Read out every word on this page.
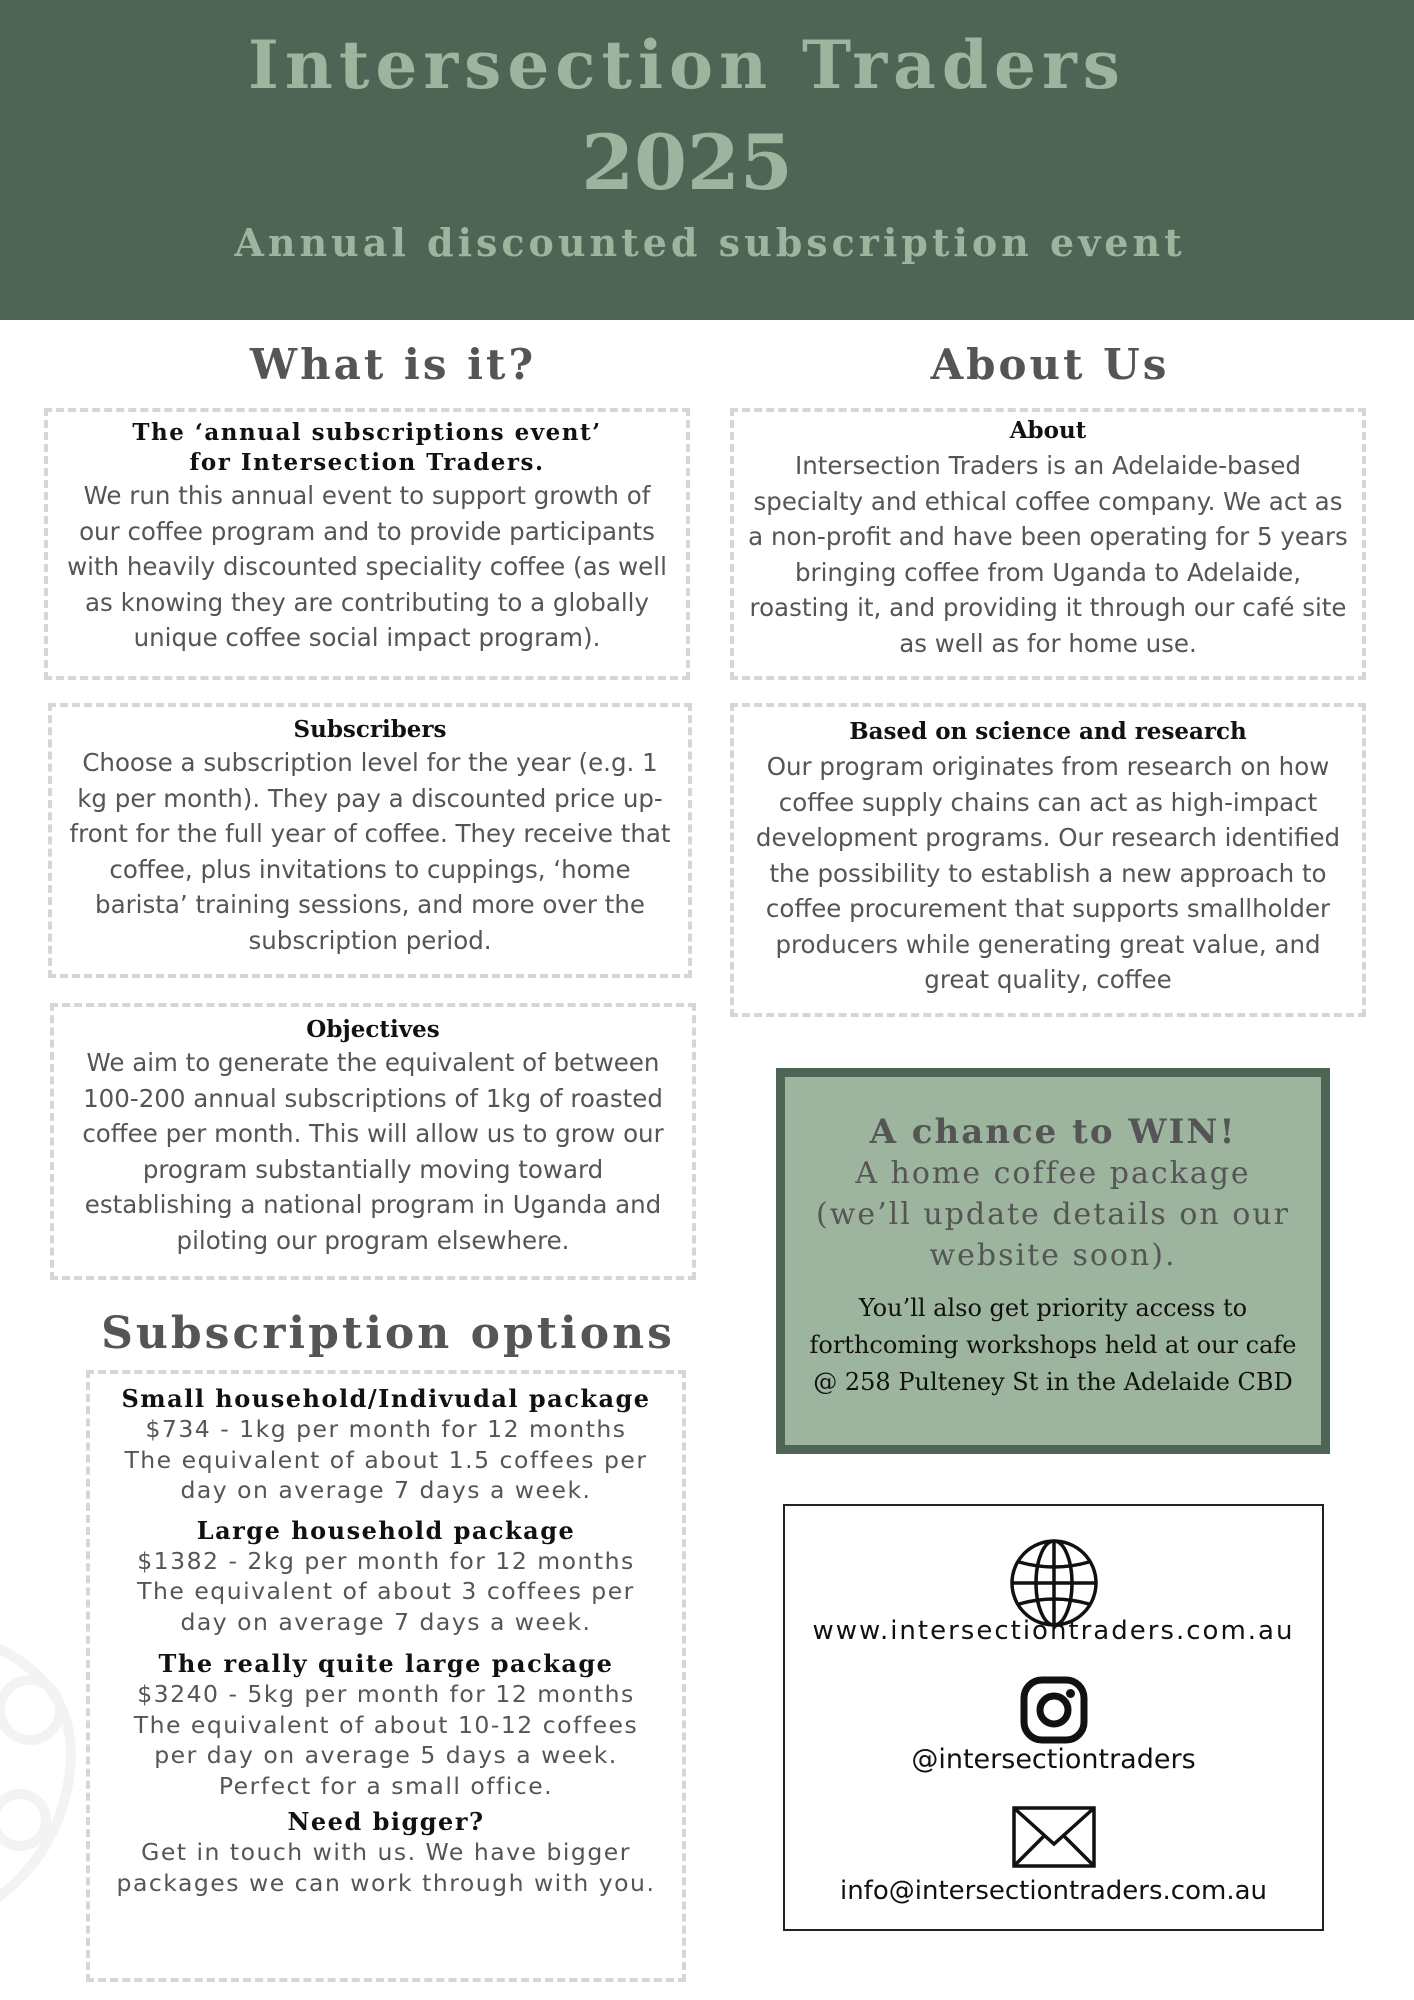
Intersection Traders
2025
Annual discounted subscription event
What is it?
The ‘annual subscriptions event’ for Intersection Traders.
We run this annual event to support growth of our coffee program and to provide participants with heavily discounted speciality coffee (as well as knowing they are contributing to a globally unique coffee social impact program).
Subscribers
Choose a subscription level for the year (e.g. 1 kg per month). They pay a discounted price up-front for the full year of coffee. They receive that coffee, plus invitations to cuppings, ‘home barista’ training sessions, and more over the subscription period.
Objectives
We aim to generate the equivalent of between 100-200 annual subscriptions of 1kg of roasted coffee per month. This will allow us to grow our program substantially moving toward establishing a national program in Uganda and piloting our program elsewhere.
Subscription options
Small household/Indivudal package
$734 - 1kg per month for 12 months
The equivalent of about 1.5 coffees per day on average 7 days a week.
Large household package
$1382 - 2kg per month for 12 months
The equivalent of about 3 coffees per day on average 7 days a week.
The really quite large package
$3240 - 5kg per month for 12 months
The equivalent of about 10-12 coffees per day on average 5 days a week. Perfect for a small office.
Need bigger?
Get in touch with us. We have bigger packages we can work through with you.
About Us
About
Intersection Traders is an Adelaide-based specialty and ethical coffee company. We act as a non-profit and have been operating for 5 years bringing coffee from Uganda to Adelaide, roasting it, and providing it through our café site as well as for home use.
Based on science and research
Our program originates from research on how coffee supply chains can act as high-impact development programs. Our research identified the possibility to establish a new approach to coffee procurement that supports smallholder producers while generating great value, and great quality, coffee
A chance to WIN!
A home coffee package (we’ll update details on our website soon).
You’ll also get priority access to forthcoming workshops held at our cafe @ 258 Pulteney St in the Adelaide CBD
www.intersectiontraders.com.au
@intersectiontraders
info@intersectiontraders.com.au
